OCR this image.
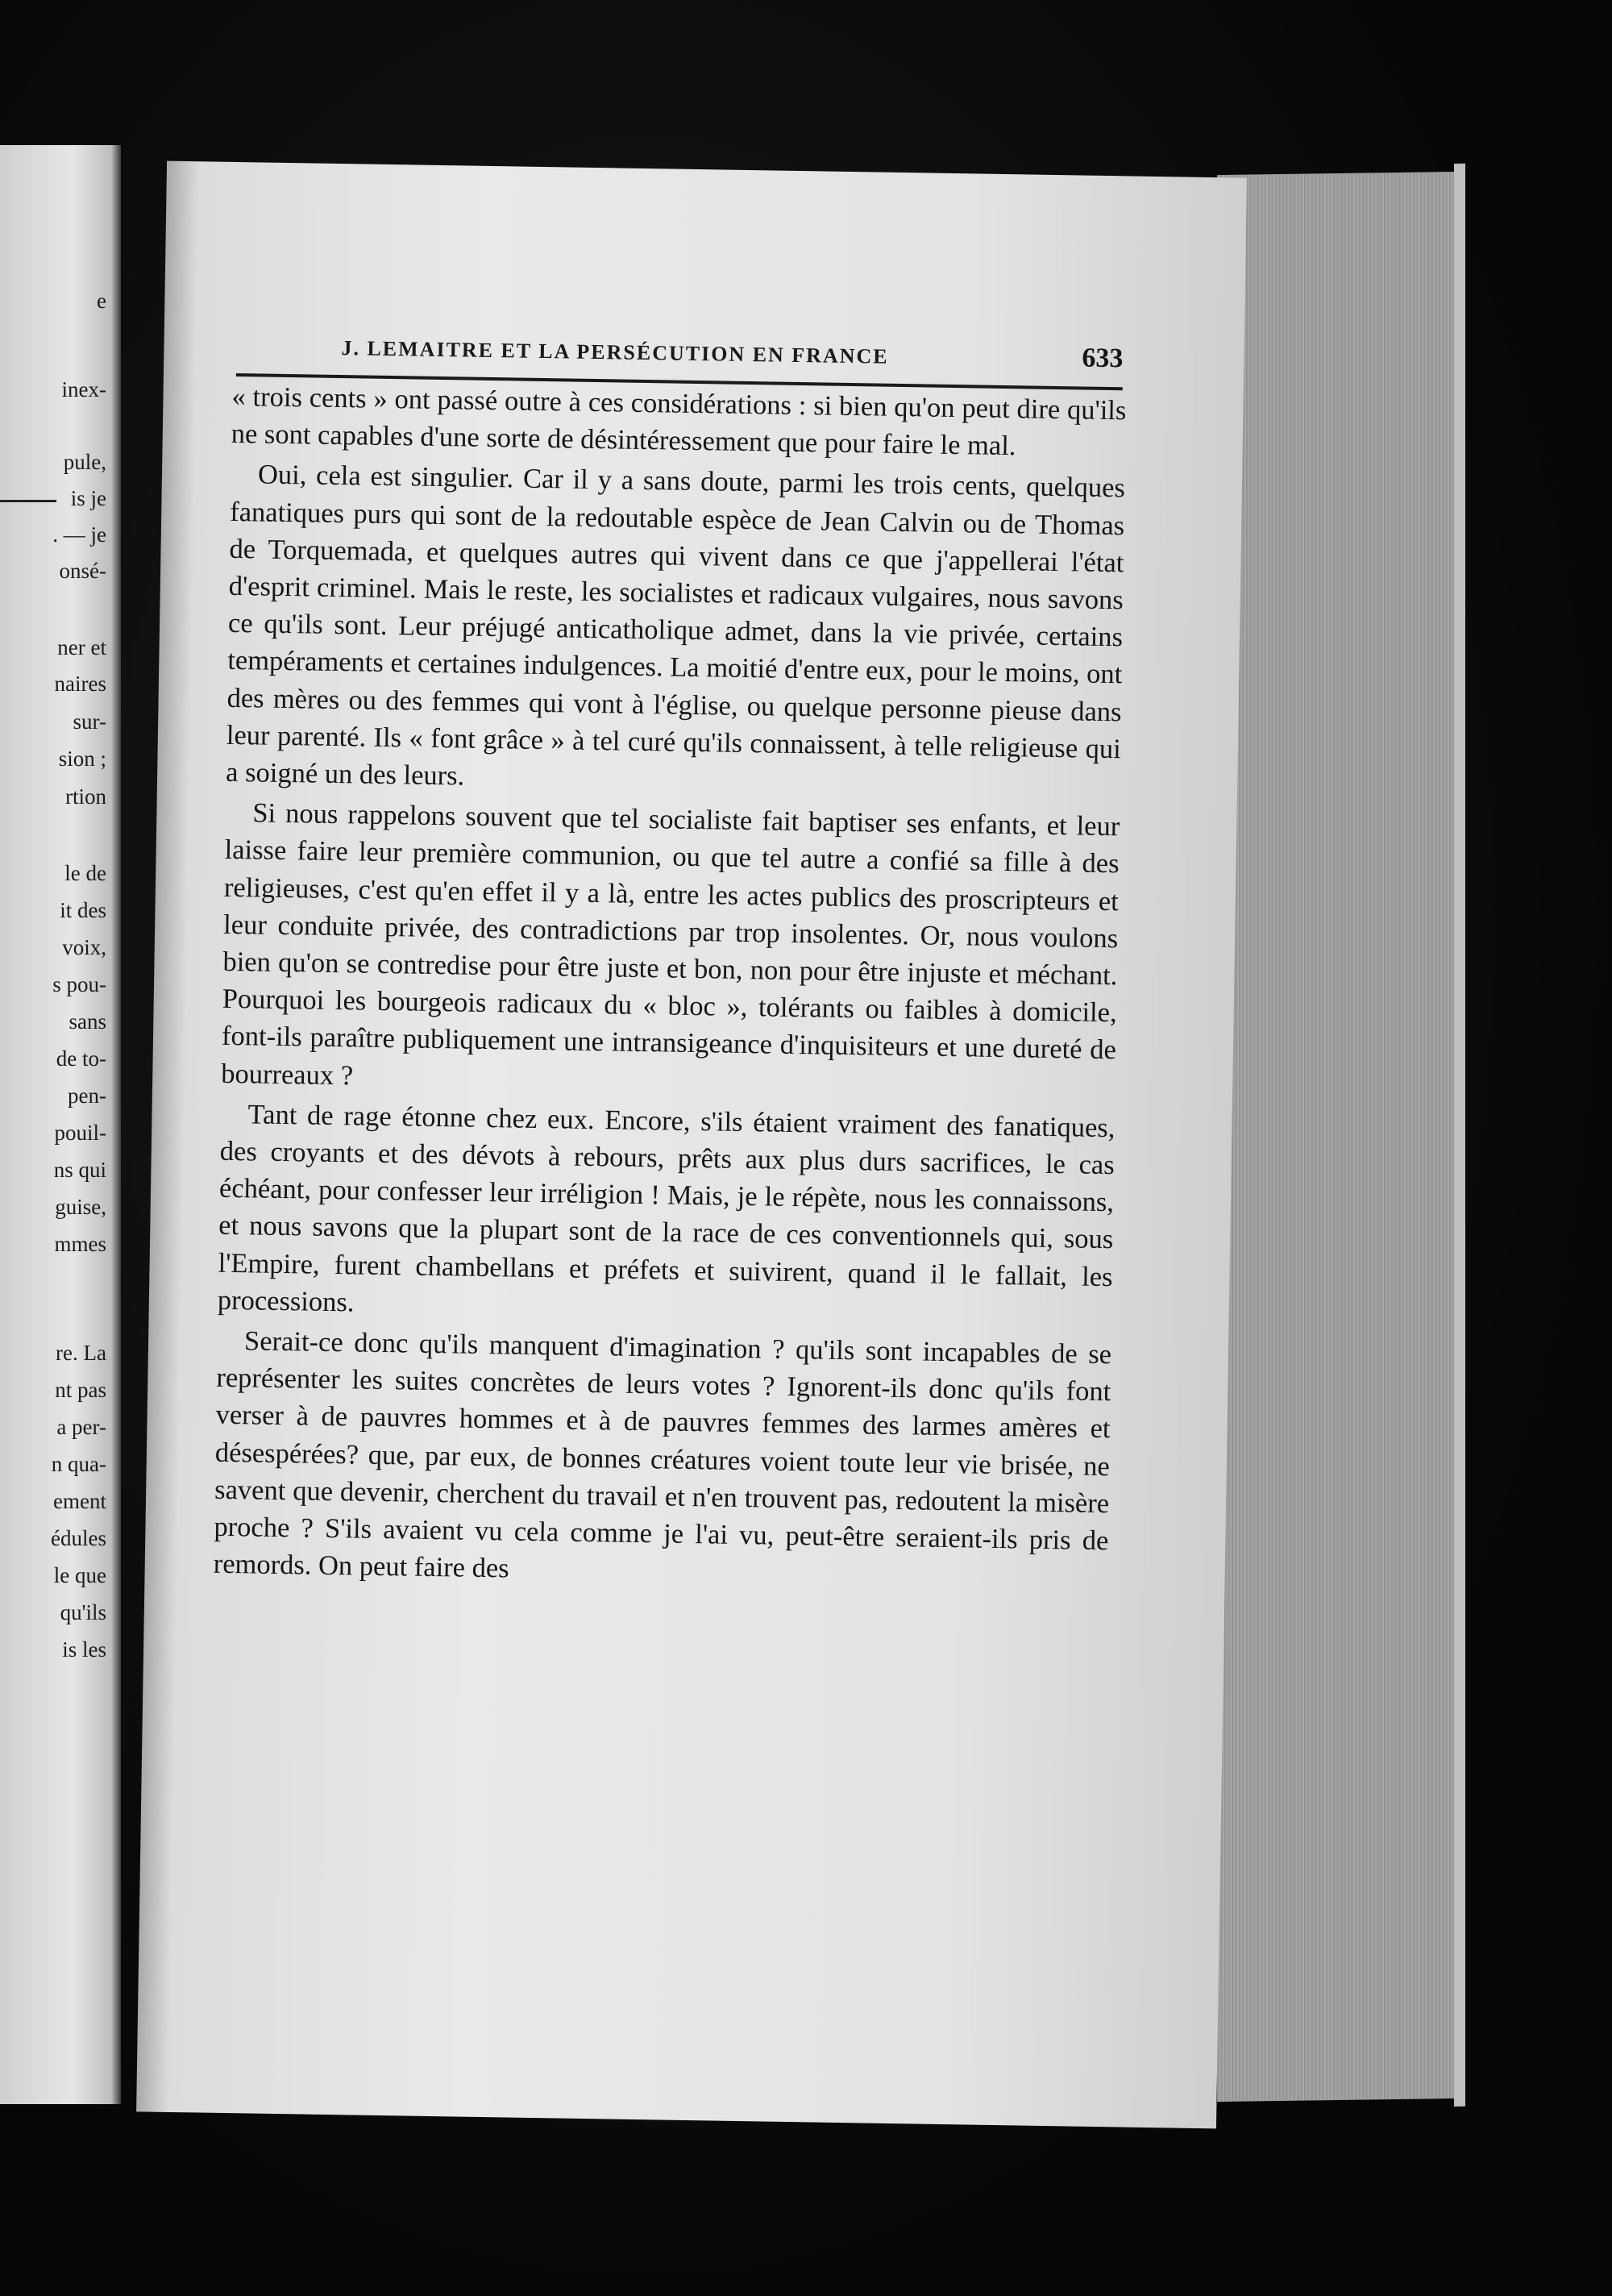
e
inex-
pule,
is je
. — je
onsé-
ner et
naires
sur-
sion ;
rtion
le de
it des
voix,
s pou-
sans
de to-
pen-
pouil-
ns qui
guise,
mmes
re. La
nt pas
a per-
n qua-
ement
édules
le que
qu'ils
is les
J. LEMAITRE ET LA PERSÉCUTION EN FRANCE	633

« trois cents » ont passé outre à ces considérations : si bien qu'on peut dire qu'ils ne sont capables d'une sorte de désintéressement que pour faire le mal.

Oui, cela est singulier. Car il y a sans doute, parmi les trois cents, quelques fanatiques purs qui sont de la redoutable espèce de Jean Calvin ou de Thomas de Torquemada, et quelques autres qui vivent dans ce que j'appellerai l'état d'esprit criminel. Mais le reste, les socialistes et radicaux vulgaires, nous savons ce qu'ils sont. Leur préjugé anticatholique admet, dans la vie privée, certains tempéraments et certaines indulgences. La moitié d'entre eux, pour le moins, ont des mères ou des femmes qui vont à l'église, ou quelque personne pieuse dans leur parenté. Ils « font grâce » à tel curé qu'ils connaissent, à telle religieuse qui a soigné un des leurs.

Si nous rappelons souvent que tel socialiste fait baptiser ses enfants, et leur laisse faire leur première communion, ou que tel autre a confié sa fille à des religieuses, c'est qu'en effet il y a là, entre les actes publics des proscripteurs et leur conduite privée, des contradictions par trop insolentes. Or, nous voulons bien qu'on se contredise pour être juste et bon, non pour être injuste et méchant. Pourquoi les bourgeois radicaux du « bloc », tolérants ou faibles à domicile, font-ils paraître publiquement une intransigeance d'inquisiteurs et une dureté de bourreaux ?

Tant de rage étonne chez eux. Encore, s'ils étaient vraiment des fanatiques, des croyants et des dévots à rebours, prêts aux plus durs sacrifices, le cas échéant, pour confesser leur irréligion ! Mais, je le répète, nous les connaissons, et nous savons que la plupart sont de la race de ces conventionnels qui, sous l'Empire, furent chambellans et préfets et suivirent, quand il le fallait, les processions.

Serait-ce donc qu'ils manquent d'imagination ? qu'ils sont incapables de se représenter les suites concrètes de leurs votes ? Ignorent-ils donc qu'ils font verser à de pauvres hommes et à de pauvres femmes des larmes amères et désespérées? que, par eux, de bonnes créatures voient toute leur vie brisée, ne savent que devenir, cherchent du travail et n'en trouvent pas, redoutent la misère proche ? S'ils avaient vu cela comme je l'ai vu, peut-être seraient-ils pris de remords. On peut faire des
